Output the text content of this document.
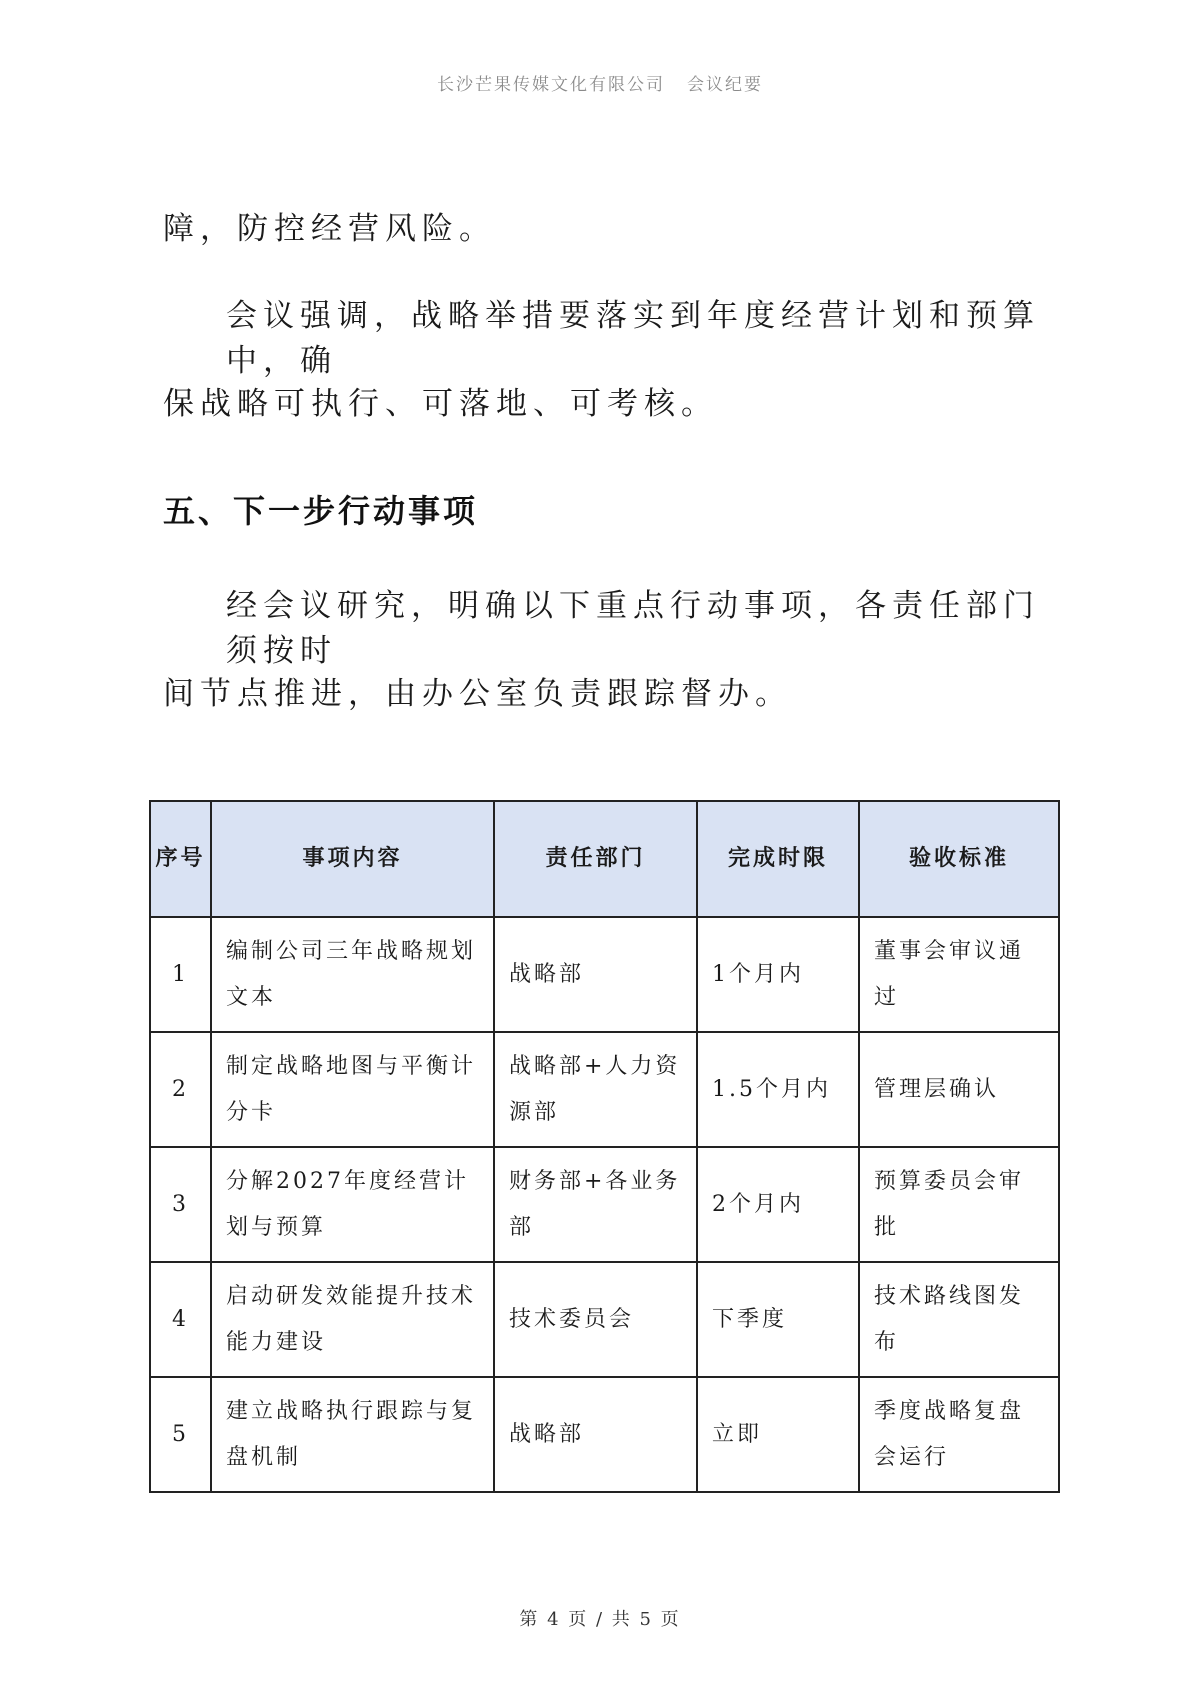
长沙芒果传媒文化有限公司 会议纪要

障，防控经营风险。

会议强调，战略举措要落实到年度经营计划和预算中，确

保战略可执行、可落地、可考核。

五、下一步行动事项

经会议研究，明确以下重点行动事项，各责任部门须按时

间节点推进，由办公室负责跟踪督办。

序号	事项内容	责任部门	完成时限	验收标准
1	编制公司三年战略规划文本	战略部	1个月内	董事会审议通过
2	制定战略地图与平衡计分卡	战略部+人力资源部	1.5个月内	管理层确认
3	分解2027年度经营计划与预算	财务部+各业务部	2个月内	预算委员会审批
4	启动研发效能提升技术能力建设	技术委员会	下季度	技术路线图发布
5	建立战略执行跟踪与复盘机制	战略部	立即	季度战略复盘会运行
第 4 页 / 共 5 页
